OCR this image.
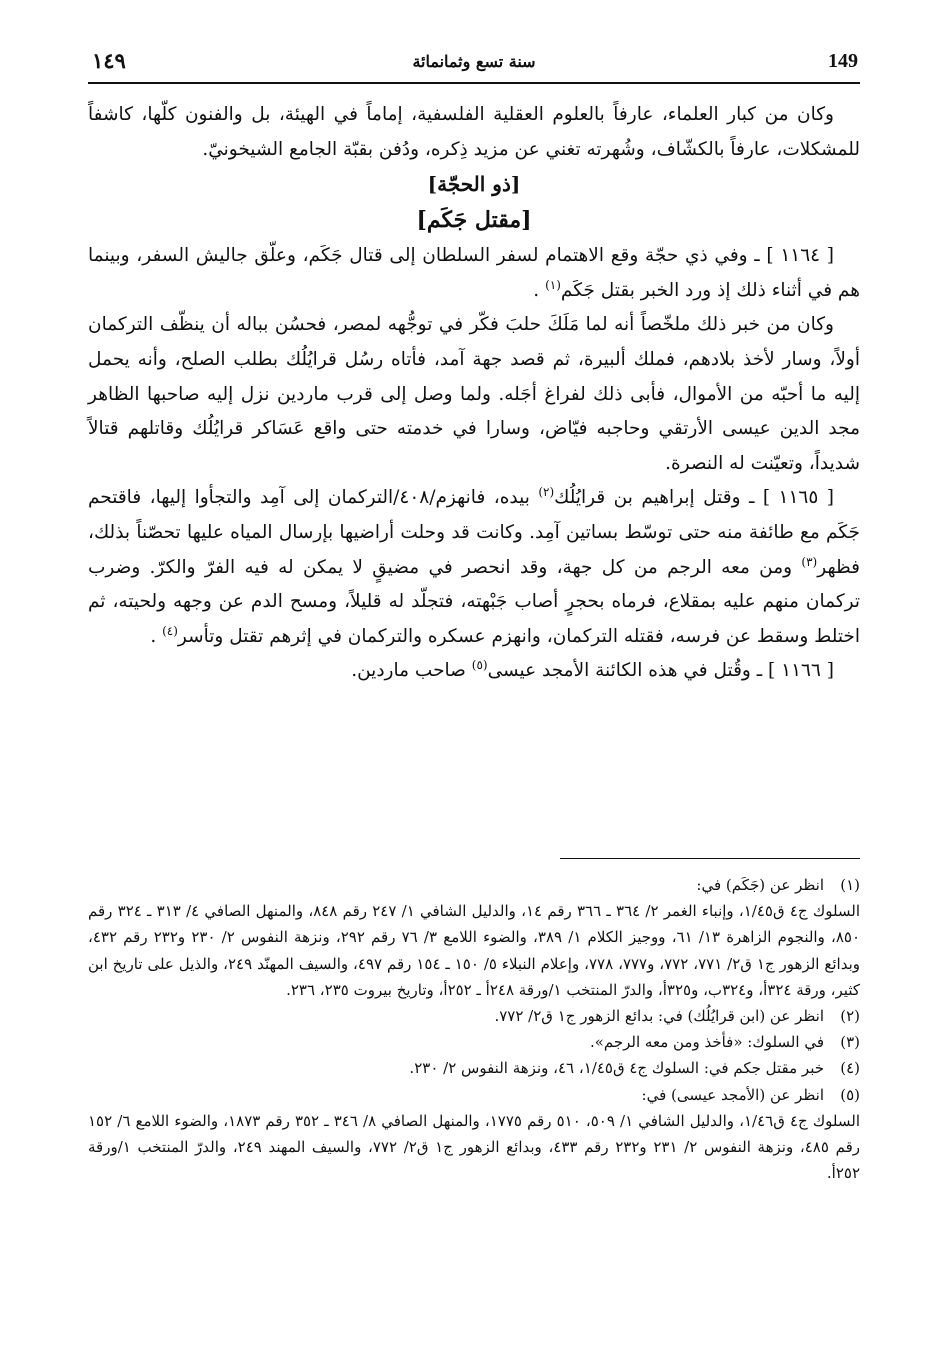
١٤٩	سنة تسع وثمانمائة	149

وكان من كبار العلماء، عارفاً بالعلوم العقلية الفلسفية، إماماً في الهيئة، بل والفنون كلّها، كاشفاً للمشكلات، عارفاً بالكشّاف، وشُهرته تغني عن مزيد ذِكره، ودُفن بقبّة الجامع الشيخونيّ.

[ذو الحجّة]
[مقتل جَكَم]

[ ١١٦٤ ] ـ وفي ذي حجّة وقع الاهتمام لسفر السلطان إلى قتال جَكَم، وعلّق جاليش السفر، وبينما هم في أثناء ذلك إذ ورد الخبر بقتل جَكَم$^{(١)}$ .

وكان من خبر ذلك ملخّصاً أنه لما مَلَكَ حلبَ فكّر في توجُّهه لمصر، فحسُن بباله أن ينظّف التركمان أولاً، وسار لأخذ بلادهم، فملك ألبيرة، ثم قصد جهة آمد، فأتاه رسُل قرايُلُك بطلب الصلح، وأنه يحمل إليه ما أحبّه من الأموال، فأبى ذلك لفراغ أجَله. ولما وصل إلى قرب ماردين نزل إليه صاحبها الظاهر مجد الدين عيسى الأرتقي وحاجبه فيّاض، وسارا في خدمته حتى واقع عَسَاكر قرايُلُك وقاتلهم قتالاً شديداً، وتعيّنت له النصرة.

[ ١١٦٥ ] ـ وقتل إبراهيم بن قرايُلُك$^{(٢)}$ بيده، فانهزم/٤٠٨/التركمان إلى آمِد والتجأوا إليها، فاقتحم جَكَم مع طائفة منه حتى توسّط بساتين آمِد. وكانت قد وحلت أراضيها بإرسال المياه عليها تحصّناً بذلك، فظهر$^{(٣)}$ ومن معه الرجم من كل جهة، وقد انحصر في مضيقٍ لا يمكن له فيه الفرّ والكرّ. وضرب تركمان منهم عليه بمقلاع، فرماه بحجرٍ أصاب جَبْهته، فتجلّد له قليلاً، ومسح الدم عن وجهه ولحيته، ثم اختلط وسقط عن فرسه، فقتله التركمان، وانهزم عسكره والتركمان في إثرهم تقتل وتأسر$^{(٤)}$ .

[ ١١٦٦ ] ـ وقُتل في هذه الكائنة الأمجد عيسى$^{(٥)}$ صاحب ماردين.

(١)انظر عن (جَكَم) في:
السلوك ج٤ ق١/٤٥، وإنباء الغمر ٢/ ٣٦٤ ـ ٣٦٦ رقم ١٤، والدليل الشافي ١/ ٢٤٧ رقم ٨٤٨، والمنهل الصافي ٤/ ٣١٣ ـ ٣٢٤ رقم ٨٥٠، والنجوم الزاهرة ١٣/ ٦١، ووجيز الكلام ١/ ٣٨٩، والضوء اللامع ٣/ ٧٦ رقم ٢٩٢، ونزهة النفوس ٢/ ٢٣٠ و٢٣٢ رقم ٤٣٢، وبدائع الزهور ج١ ق٢/ ٧٧١، ٧٧٢، و٧٧٧، ٧٧٨، وإعلام النبلاء ٥/ ١٥٠ ـ ١٥٤ رقم ٤٩٧، والسيف المهنّد ٢٤٩، والذيل على تاريخ ابن كثير، ورقة ٣٢٤أ، و٣٢٤ب، و٣٢٥أ، والدرّ المنتخب ١/ورقة ٢٤٨أ ـ ٢٥٢أ، وتاريخ بيروت ٢٣٥، ٢٣٦.
(٢)انظر عن (ابن قرايُلُك) في: بدائع الزهور ج١ ق٢/ ٧٧٢.
(٣)في السلوك: «فأخذ ومن معه الرجم».
(٤)خبر مقتل جكم في: السلوك ج٤ ق١/٤٥، ٤٦، ونزهة النفوس ٢/ ٢٣٠.
(٥)انظر عن (الأمجد عيسى) في:
السلوك ج٤ ق١/٤٦، والدليل الشافي ١/ ٥٠٩، ٥١٠ رقم ١٧٧٥، والمنهل الصافي ٨/ ٣٤٦ ـ ٣٥٢ رقم ١٨٧٣، والضوء اللامع ٦/ ١٥٢ رقم ٤٨٥، ونزهة النفوس ٢/ ٢٣١ و٢٣٢ رقم ٤٣٣، وبدائع الزهور ج١ ق٢/ ٧٧٢، والسيف المهند ٢٤٩، والدرّ المنتخب ١/ورقة ٢٥٢أ.
